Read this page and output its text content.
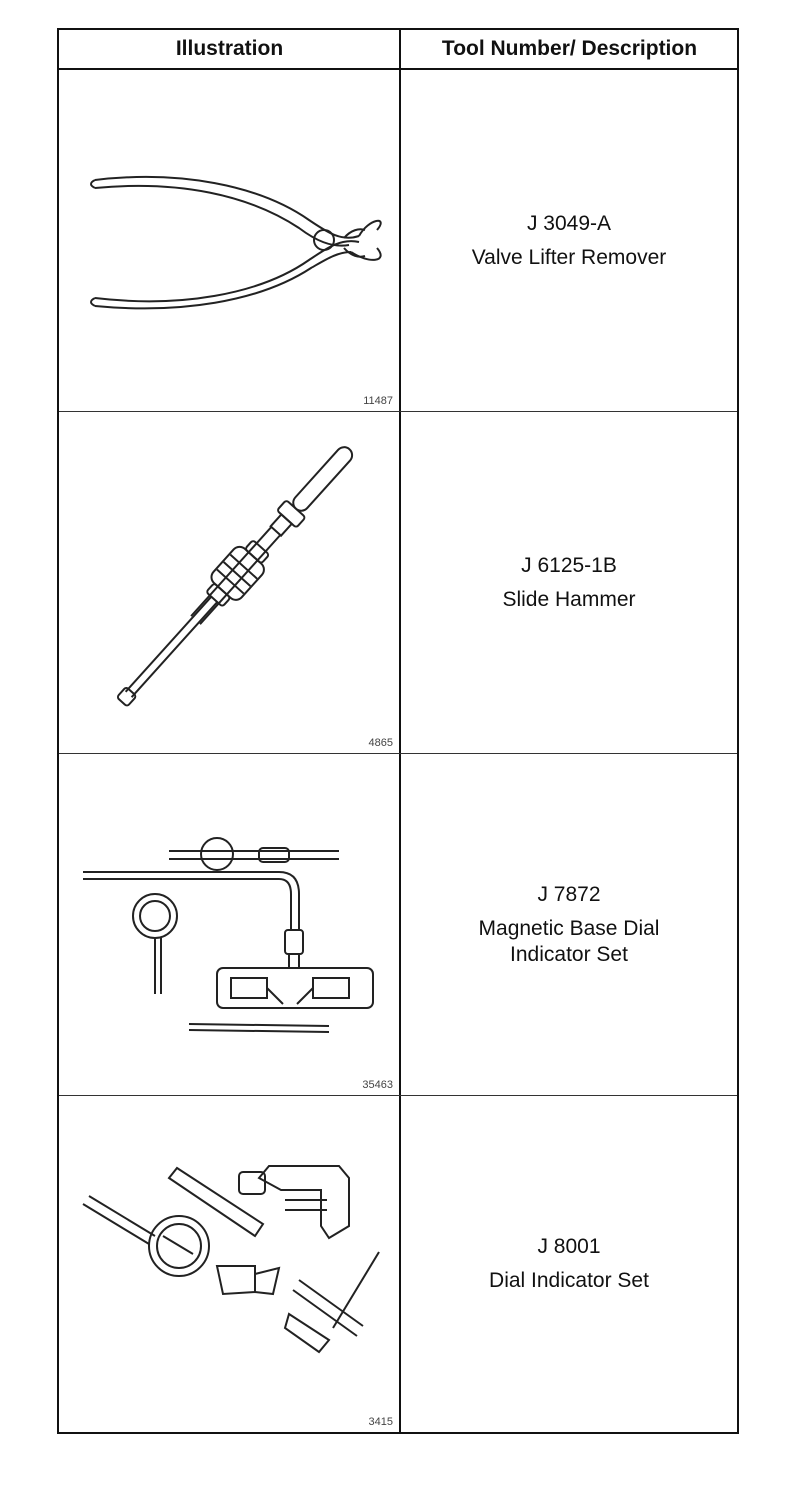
Illustration	Tool Number/ Description
11487
J 3049-A
Valve Lifter Remover
4865
J 6125-1B
Slide Hammer
35463
J 7872
Magnetic Base Dial Indicator Set
3415
J 8001
Dial Indicator Set
